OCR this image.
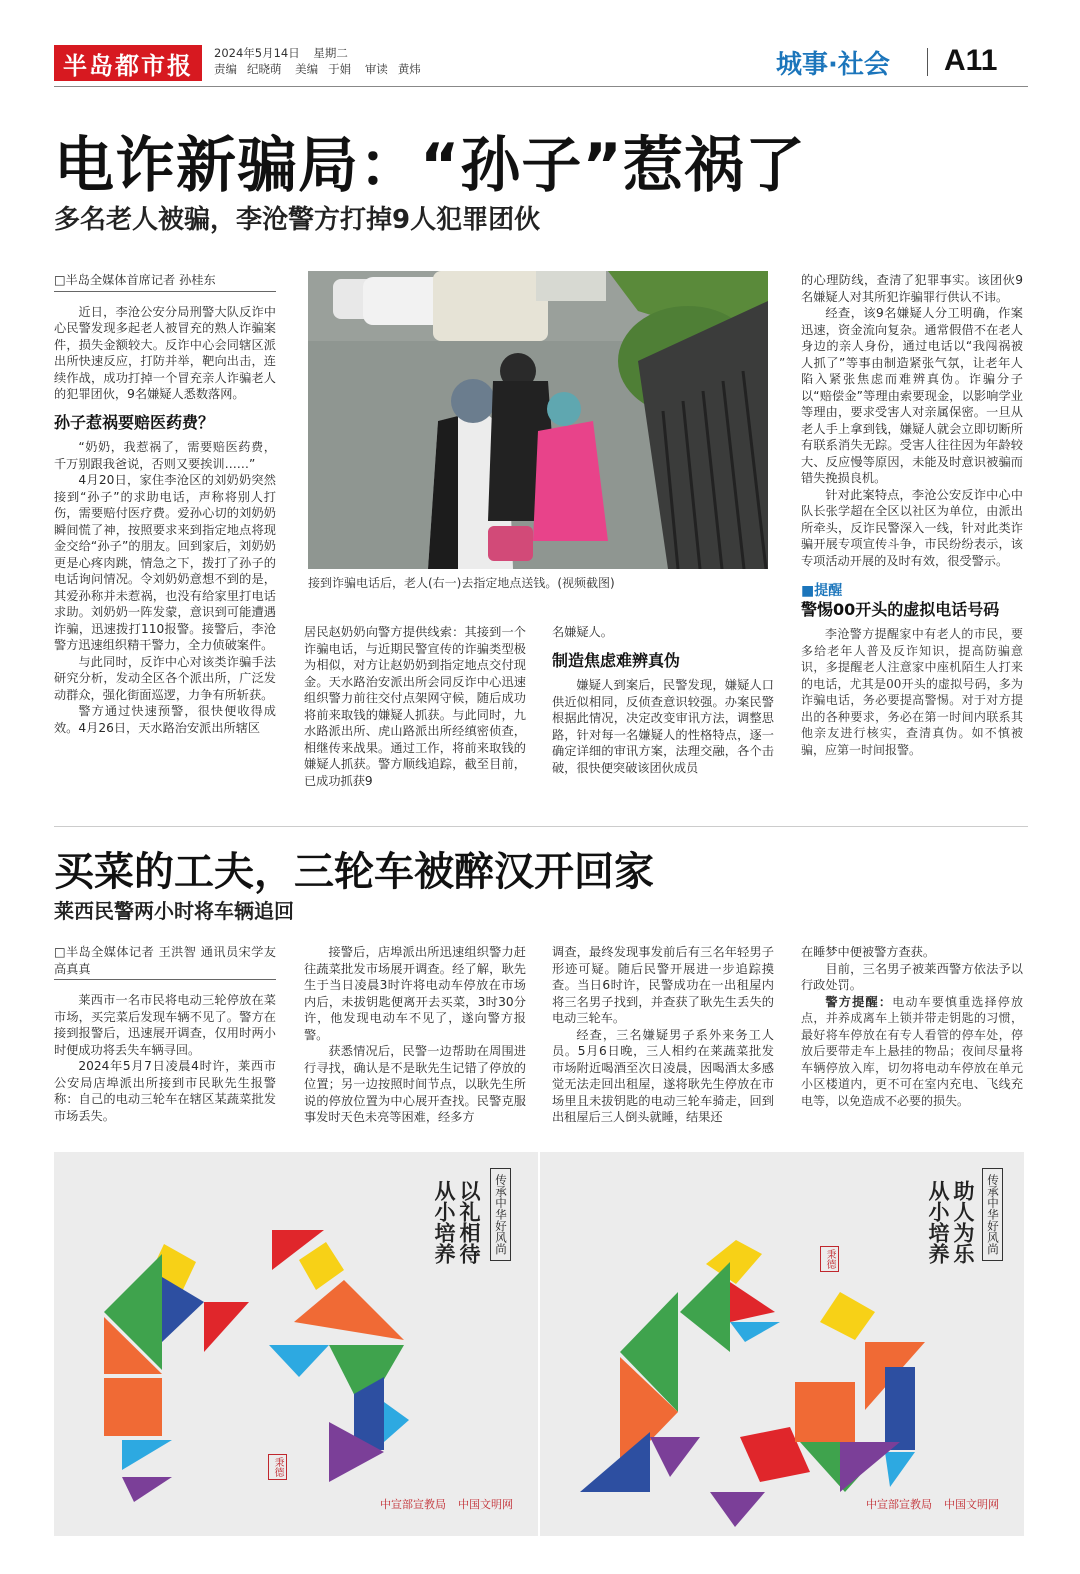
半岛都市报	2024年5月14日 星期二
责编 纪晓萌 美编 于娟 审读 黄炜	城事·社会 A11
电诈新骗局：“孙子”惹祸了
多名老人被骗，李沧警方打掉9人犯罪团伙
□半岛全媒体首席记者 孙桂东

近日，李沧公安分局刑警大队反诈中心民警发现多起老人被冒充的熟人诈骗案件，损失金额较大。反诈中心会同辖区派出所快速反应，打防并举，靶向出击，连续作战，成功打掉一个冒充亲人诈骗老人的犯罪团伙，9名嫌疑人悉数落网。

孙子惹祸要赔医药费？

“奶奶，我惹祸了，需要赔医药费，千万别跟我爸说，否则又要挨训……”

4月20日，家住李沧区的刘奶奶突然接到“孙子”的求助电话，声称将别人打伤，需要赔付医疗费。爱孙心切的刘奶奶瞬间慌了神，按照要求来到指定地点将现金交给“孙子”的朋友。回到家后，刘奶奶更是心疼肉跳，情急之下，拨打了孙子的电话询问情况。令刘奶奶意想不到的是，其爱孙称并未惹祸，也没有给家里打电话求助。刘奶奶一阵发蒙，意识到可能遭遇诈骗，迅速拨打110报警。接警后，李沧警方迅速组织精干警力，全力侦破案件。

与此同时，反诈中心对该类诈骗手法研究分析，发动全区各个派出所，广泛发动群众，强化街面巡逻，力争有所斩获。

警方通过快速预警，很快便收得成效。4月26日，天水路治安派出所辖区

接到诈骗电话后，老人(右一)去指定地点送钱。(视频截图)

居民赵奶奶向警方提供线索：其接到一个诈骗电话，与近期民警宣传的诈骗类型极为相似，对方让赵奶奶到指定地点交付现金。天水路治安派出所会同反诈中心迅速组织警力前往交付点架网守候，随后成功将前来取钱的嫌疑人抓获。与此同时，九水路派出所、虎山路派出所经缜密侦查，相继传来战果。通过工作，将前来取钱的嫌疑人抓获。警方顺线追踪，截至目前，已成功抓获9

名嫌疑人。

制造焦虑难辨真伪

嫌疑人到案后，民警发现，嫌疑人口供近似相同，反侦查意识较强。办案民警根据此情况，决定改变审讯方法，调整思路，针对每一名嫌疑人的性格特点，逐一确定详细的审讯方案，法理交融，各个击破，很快便突破该团伙成员

的心理防线，查清了犯罪事实。该团伙9名嫌疑人对其所犯诈骗罪行供认不讳。

经查，该9名嫌疑人分工明确，作案迅速，资金流向复杂。通常假借不在老人身边的亲人身份，通过电话以“我闯祸被人抓了”等事由制造紧张气氛，让老年人陷入紧张焦虑而难辨真伪。诈骗分子以“赔偿金”等理由索要现金，以影响学业等理由，要求受害人对亲属保密。一旦从老人手上拿到钱，嫌疑人就会立即切断所有联系消失无踪。受害人往往因为年龄较大、反应慢等原因，未能及时意识被骗而错失挽损良机。

针对此案特点，李沧公安反诈中心中队长张学超在全区以社区为单位，由派出所牵头，反诈民警深入一线，针对此类诈骗开展专项宣传斗争，市民纷纷表示，该专项活动开展的及时有效，很受警示。

■提醒
警惕00开头的虚拟电话号码

李沧警方提醒家中有老人的市民，要多给老年人普及反诈知识，提高防骗意识，多提醒老人注意家中座机陌生人打来的电话，尤其是00开头的虚拟号码，多为诈骗电话，务必要提高警惕。对于对方提出的各种要求，务必在第一时间内联系其他亲友进行核实，查清真伪。如不慎被骗，应第一时间报警。

买菜的工夫，三轮车被醉汉开回家
莱西民警两小时将车辆追回
□半岛全媒体记者 王洪智 通讯员宋学友 高真真

莱西市一名市民将电动三轮停放在菜市场，买完菜后发现车辆不见了。警方在接到报警后，迅速展开调查，仅用时两小时便成功将丢失车辆寻回。

2024年5月7日凌晨4时许，莱西市公安局店埠派出所接到市民耿先生报警称：自己的电动三轮车在辖区某蔬菜批发市场丢失。

接警后，店埠派出所迅速组织警力赶往蔬菜批发市场展开调查。经了解，耿先生于当日凌晨3时许将电动车停放在市场内后，未拔钥匙便离开去买菜，3时30分许，他发现电动车不见了，遂向警方报警。

获悉情况后，民警一边帮助在周围进行寻找，确认是不是耿先生记错了停放的位置；另一边按照时间节点，以耿先生所说的停放位置为中心展开查找。民警克服事发时天色未亮等困难，经多方

调查，最终发现事发前后有三名年轻男子形迹可疑。随后民警开展进一步追踪摸查。当日6时许，民警成功在一出租屋内将三名男子找到，并查获了耿先生丢失的电动三轮车。

经查，三名嫌疑男子系外来务工人员。5月6日晚，三人相约在莱蔬菜批发市场附近喝酒至次日凌晨，因喝酒太多感觉无法走回出租屋，遂将耿先生停放在市场里且未拔钥匙的电动三轮车骑走，回到出租屋后三人倒头就睡，结果还

在睡梦中便被警方查获。

目前，三名男子被莱西警方依法予以行政处罚。

警方提醒：电动车要慎重选择停放点，并养成离车上锁并带走钥匙的习惯，最好将车停放在有专人看管的停车处，停放后要带走车上悬挂的物品；夜间尽量将车辆停放入库，切勿将电动车停放在单元小区楼道内，更不可在室内充电、飞线充电等，以免造成不必要的损失。

以礼相待 从小培养	传承中华好风尚
秉德
中宣部宣教局 中国文明网
助人为乐 从小培养	传承中华好风尚
秉德
中宣部宣教局 中国文明网
